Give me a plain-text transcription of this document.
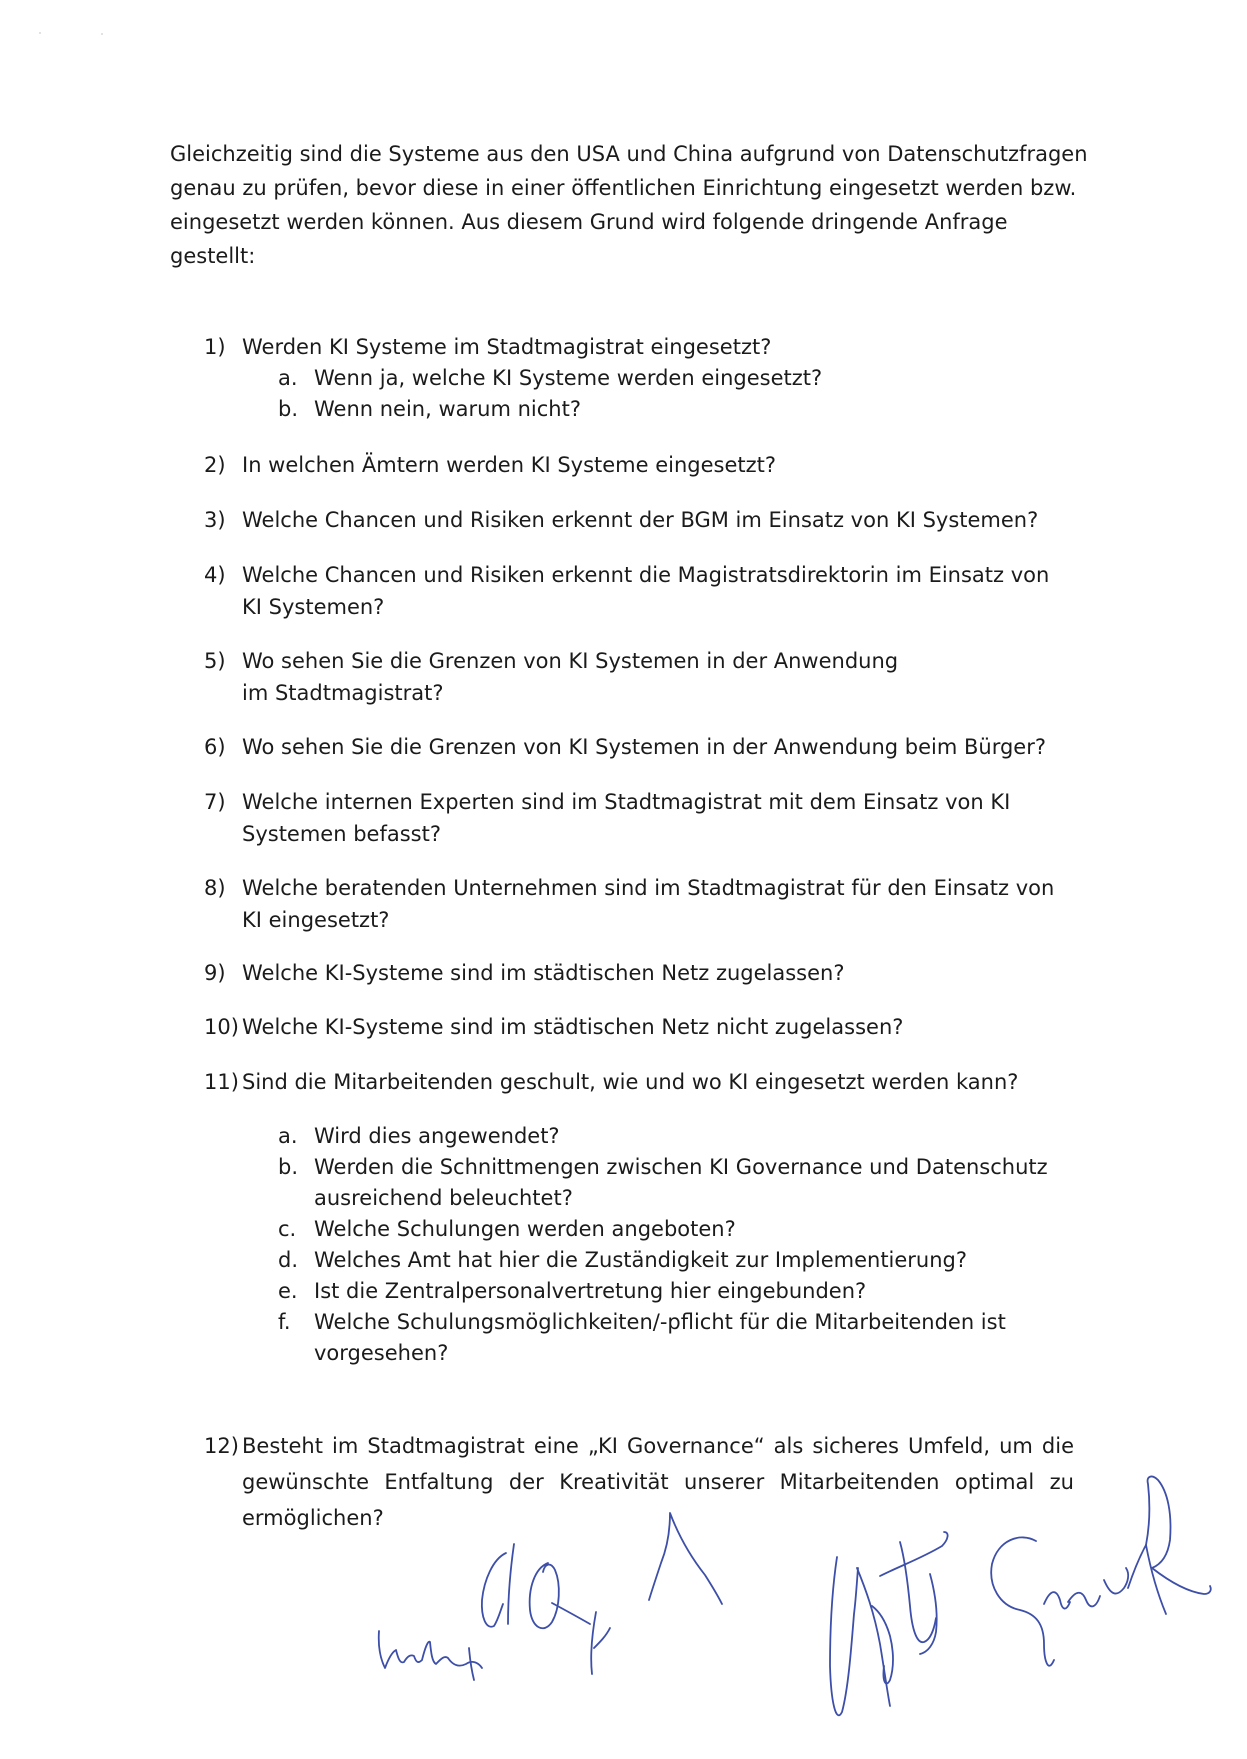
Gleichzeitig sind die Systeme aus den USA und China aufgrund von Datenschutzfragen genau zu prüfen, bevor diese in einer öffentlichen Einrichtung eingesetzt werden bzw. eingesetzt werden können. Aus diesem Grund wird folgende dringende Anfrage gestellt:

1) Werden KI Systeme im Stadtmagistrat eingesetzt?
a. Wenn ja, welche KI Systeme werden eingesetzt?
b. Wenn nein, warum nicht?
2) In welchen Ämtern werden KI Systeme eingesetzt?
3) Welche Chancen und Risiken erkennt der BGM im Einsatz von KI Systemen?
4) Welche Chancen und Risiken erkennt die Magistratsdirektorin im Einsatz von KI Systemen?
5) Wo sehen Sie die Grenzen von KI Systemen in der Anwendung im Stadtmagistrat?
6) Wo sehen Sie die Grenzen von KI Systemen in der Anwendung beim Bürger?
7) Welche internen Experten sind im Stadtmagistrat mit dem Einsatz von KI Systemen befasst?
8) Welche beratenden Unternehmen sind im Stadtmagistrat für den Einsatz von KI eingesetzt?
9) Welche KI-Systeme sind im städtischen Netz zugelassen?
10) Welche KI-Systeme sind im städtischen Netz nicht zugelassen?
11) Sind die Mitarbeitenden geschult, wie und wo KI eingesetzt werden kann?
a. Wird dies angewendet?
b. Werden die Schnittmengen zwischen KI Governance und Datenschutz ausreichend beleuchtet?
c. Welche Schulungen werden angeboten?
d. Welches Amt hat hier die Zuständigkeit zur Implementierung?
e. Ist die Zentralpersonalvertretung hier eingebunden?
f.	Welche Schulungsmöglichkeiten/-pflicht für die Mitarbeitenden ist vorgesehen?
12) Besteht im Stadtmagistrat eine „KI Governance“ als sicheres Umfeld, um die gewünschte Entfaltung der Kreativität unserer Mitarbeitenden optimal zu ermöglichen?
